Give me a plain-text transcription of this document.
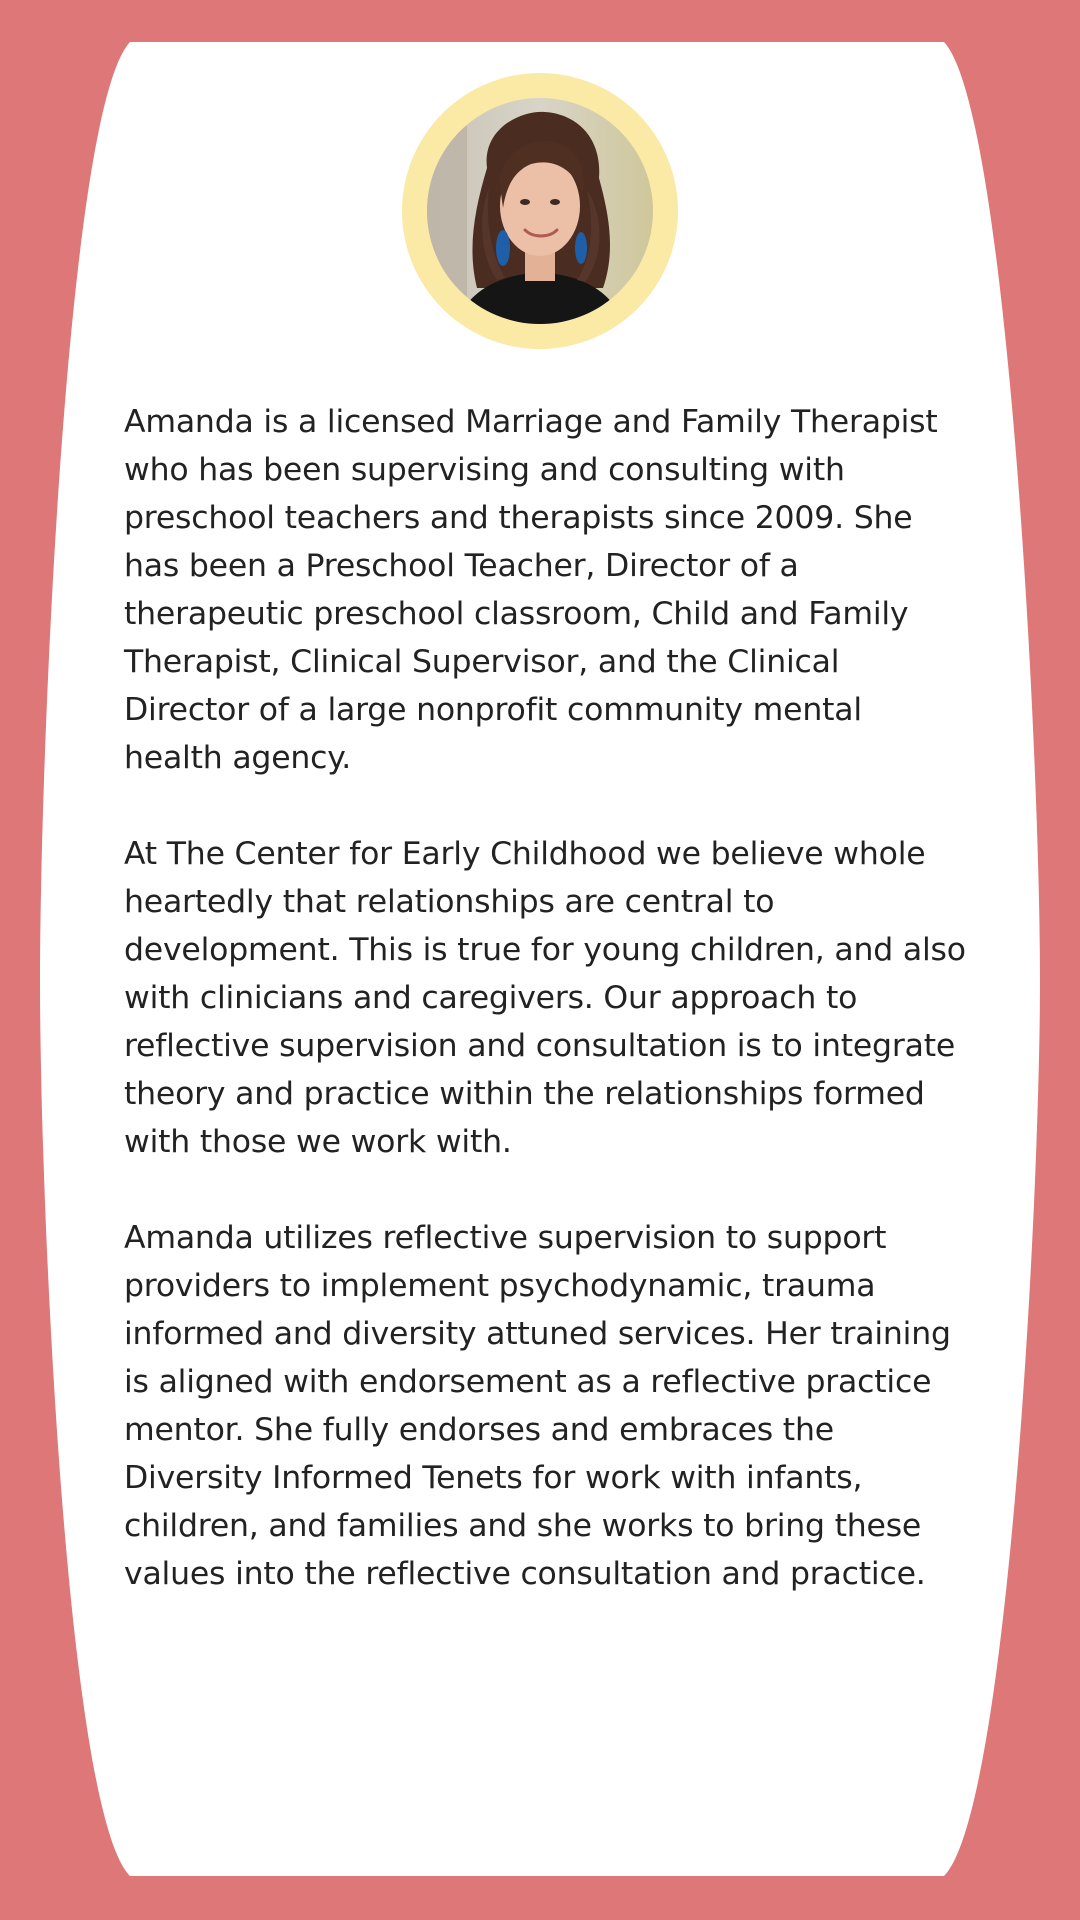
Amanda is a licensed Marriage and Family Therapist who has been supervising and consulting with preschool teachers and therapists since 2009. She has been a Preschool Teacher, Director of a therapeutic preschool classroom, Child and Family Therapist, Clinical Supervisor, and the Clinical Director of a large nonprofit community mental health agency.

At The Center for Early Childhood we believe whole heartedly that relationships are central to development. This is true for young children, and also with clinicians and caregivers. Our approach to reflective supervision and consultation is to integrate theory and practice within the relationships formed with those we work with.

Amanda utilizes reflective supervision to support providers to implement psychodynamic, trauma informed and diversity attuned services. Her training is aligned with endorsement as a reflective practice mentor. She fully endorses and embraces the Diversity Informed Tenets for work with infants, children, and families and she works to bring these values into the reflective consultation and practice.
